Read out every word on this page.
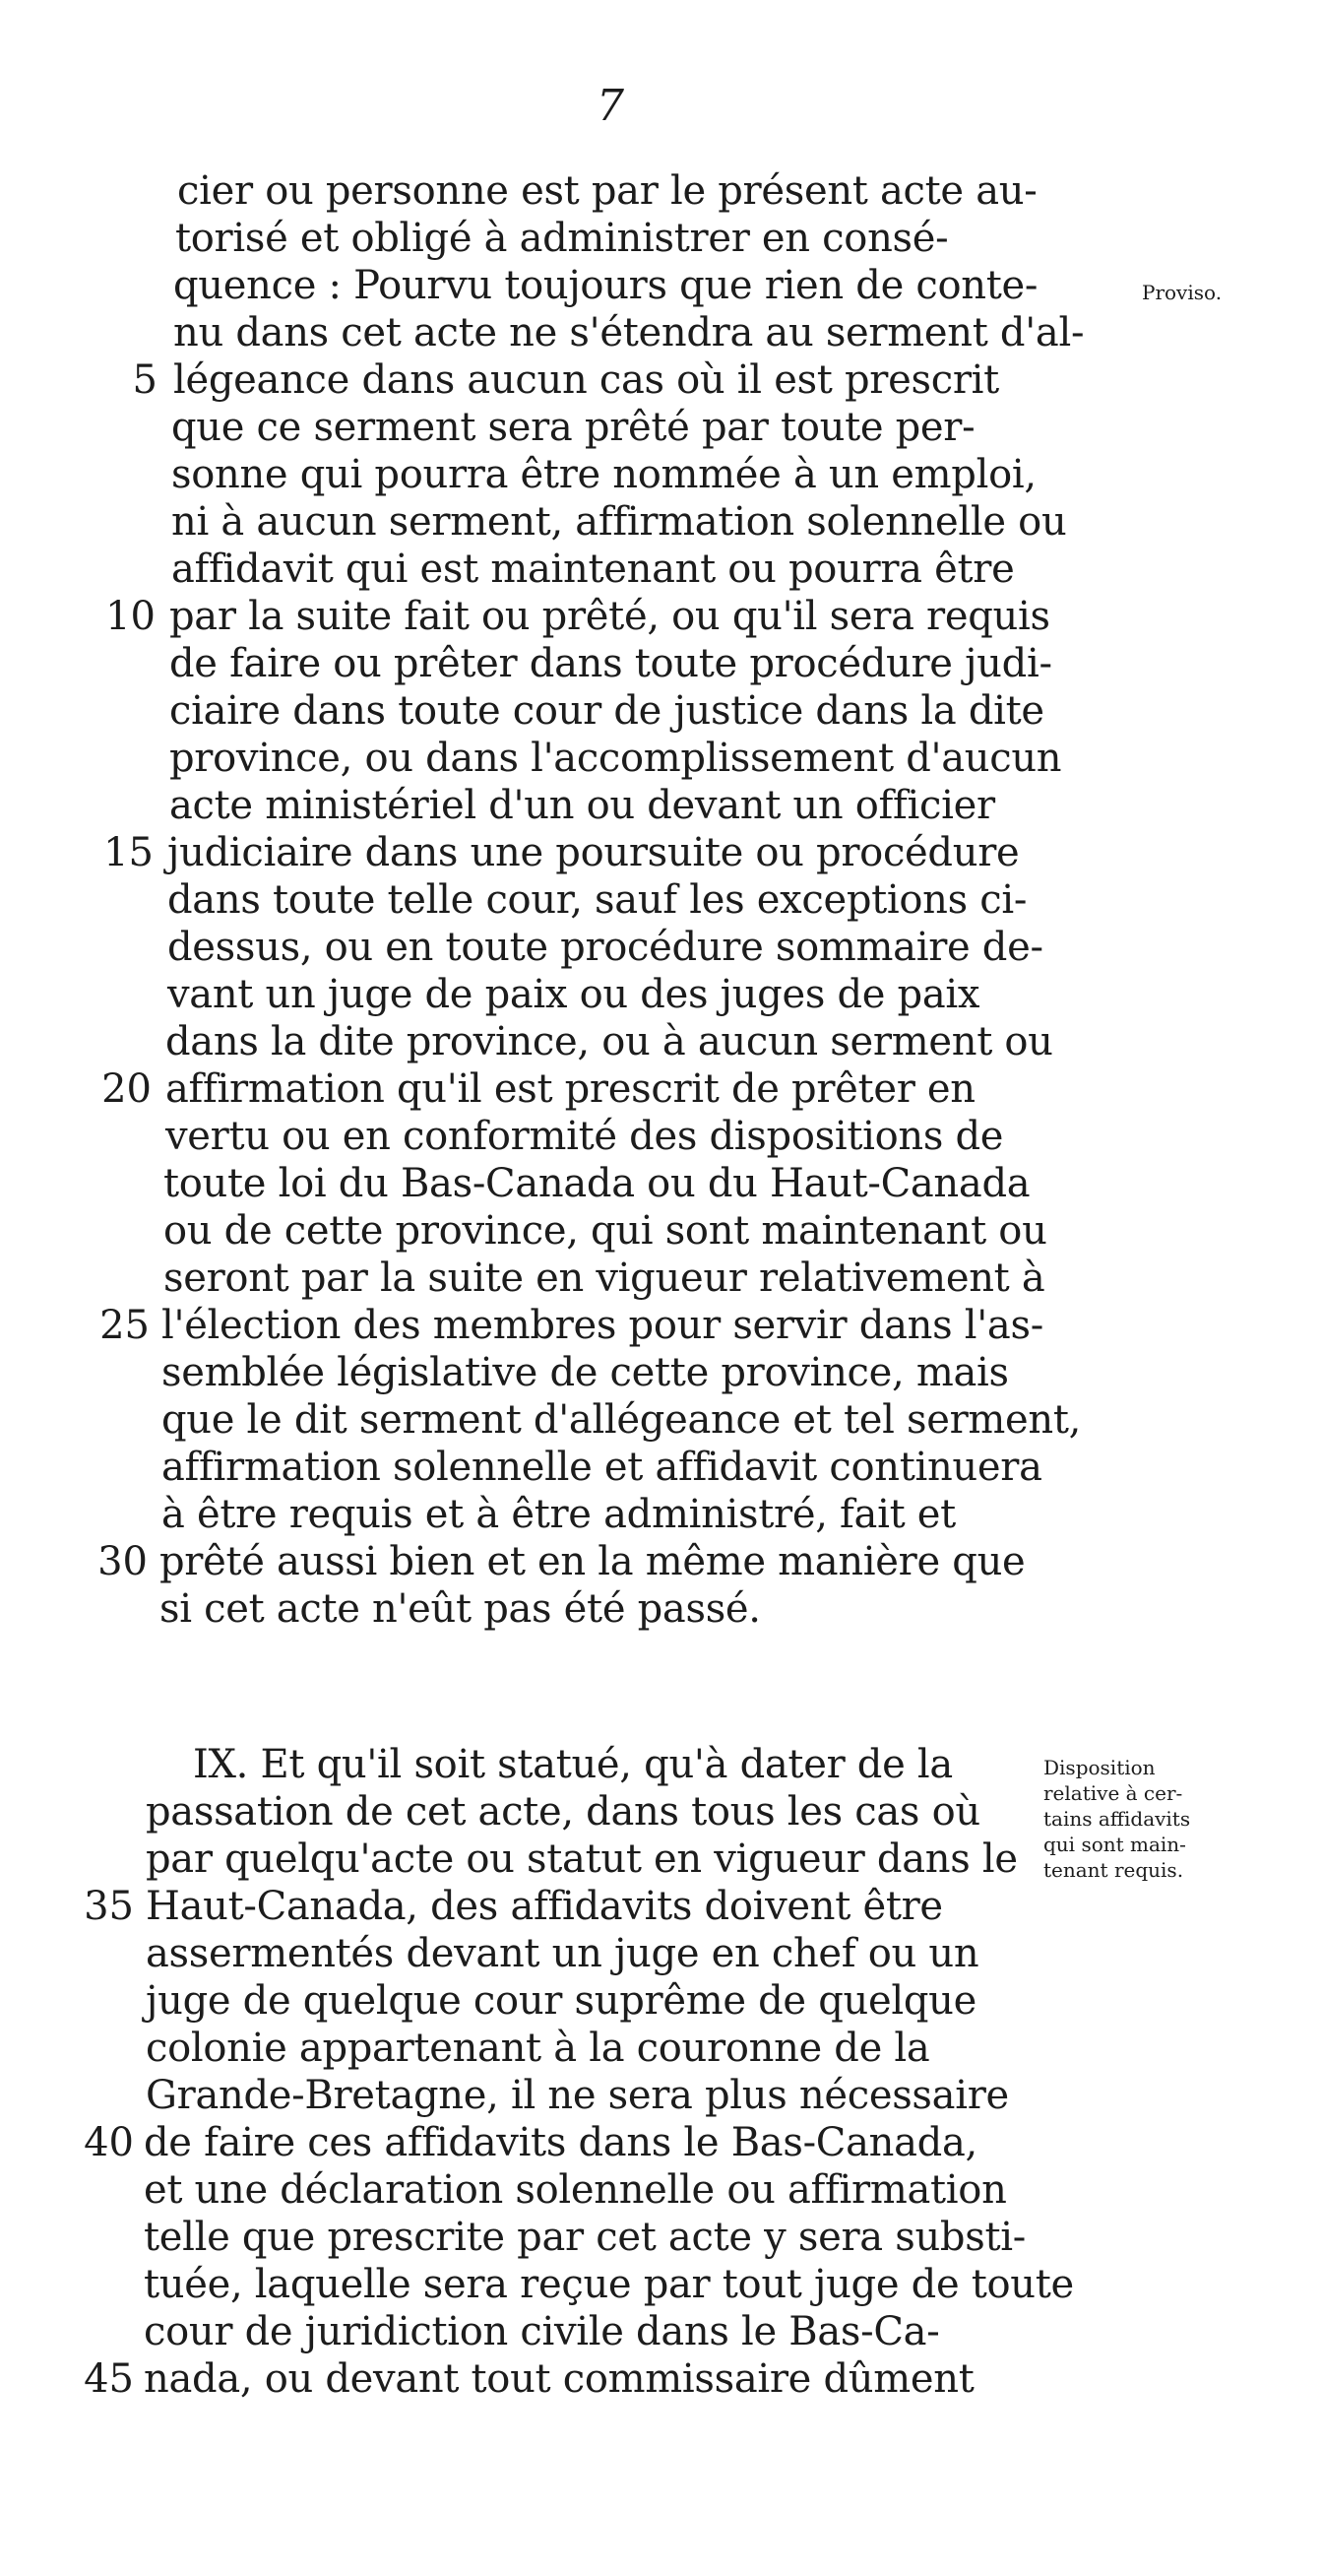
7
cier ou personne est par le présent acte au-
torisé et obligé à administrer en consé-
quence : Pourvu toujours que rien de conte-
nu dans cet acte ne s'étendra au serment d'al-
légeance dans aucun cas où il est prescrit
que ce serment sera prêté par toute per-
sonne qui pourra être nommée à un emploi,
ni à aucun serment, affirmation solennelle ou
affidavit qui est maintenant ou pourra être
par la suite fait ou prêté, ou qu'il sera requis
de faire ou prêter dans toute procédure judi-
ciaire dans toute cour de justice dans la dite
province, ou dans l'accomplissement d'aucun
acte ministériel d'un ou devant un officier
judiciaire dans une poursuite ou procédure
dans toute telle cour, sauf les exceptions ci-
dessus, ou en toute procédure sommaire de-
vant un juge de paix ou des juges de paix
dans la dite province, ou à aucun serment ou
affirmation qu'il est prescrit de prêter en
vertu ou en conformité des dispositions de
toute loi du Bas-Canada ou du Haut-Canada
ou de cette province, qui sont maintenant ou
seront par la suite en vigueur relativement à
l'élection des membres pour servir dans l'as-
semblée législative de cette province, mais
que le dit serment d'allégeance et tel serment,
affirmation solennelle et affidavit continuera
à être requis et à être administré, fait et
prêté aussi bien et en la même manière que
si cet acte n'eût pas été passé.
5
10
15
20
25
30
Proviso.
IX. Et qu'il soit statué, qu'à dater de la
passation de cet acte, dans tous les cas où
par quelqu'acte ou statut en vigueur dans le
Haut-Canada, des affidavits doivent être
assermentés devant un juge en chef ou un
juge de quelque cour suprême de quelque
colonie appartenant à la couronne de la
Grande-Bretagne, il ne sera plus nécessaire
de faire ces affidavits dans le Bas-Canada,
et une déclaration solennelle ou affirmation
telle que prescrite par cet acte y sera substi-
tuée, laquelle sera reçue par tout juge de toute
cour de juridiction civile dans le Bas-Ca-
nada, ou devant tout commissaire dûment
35
40
45
Disposition
relative à cer-
tains affidavits
qui sont main-
tenant requis.
